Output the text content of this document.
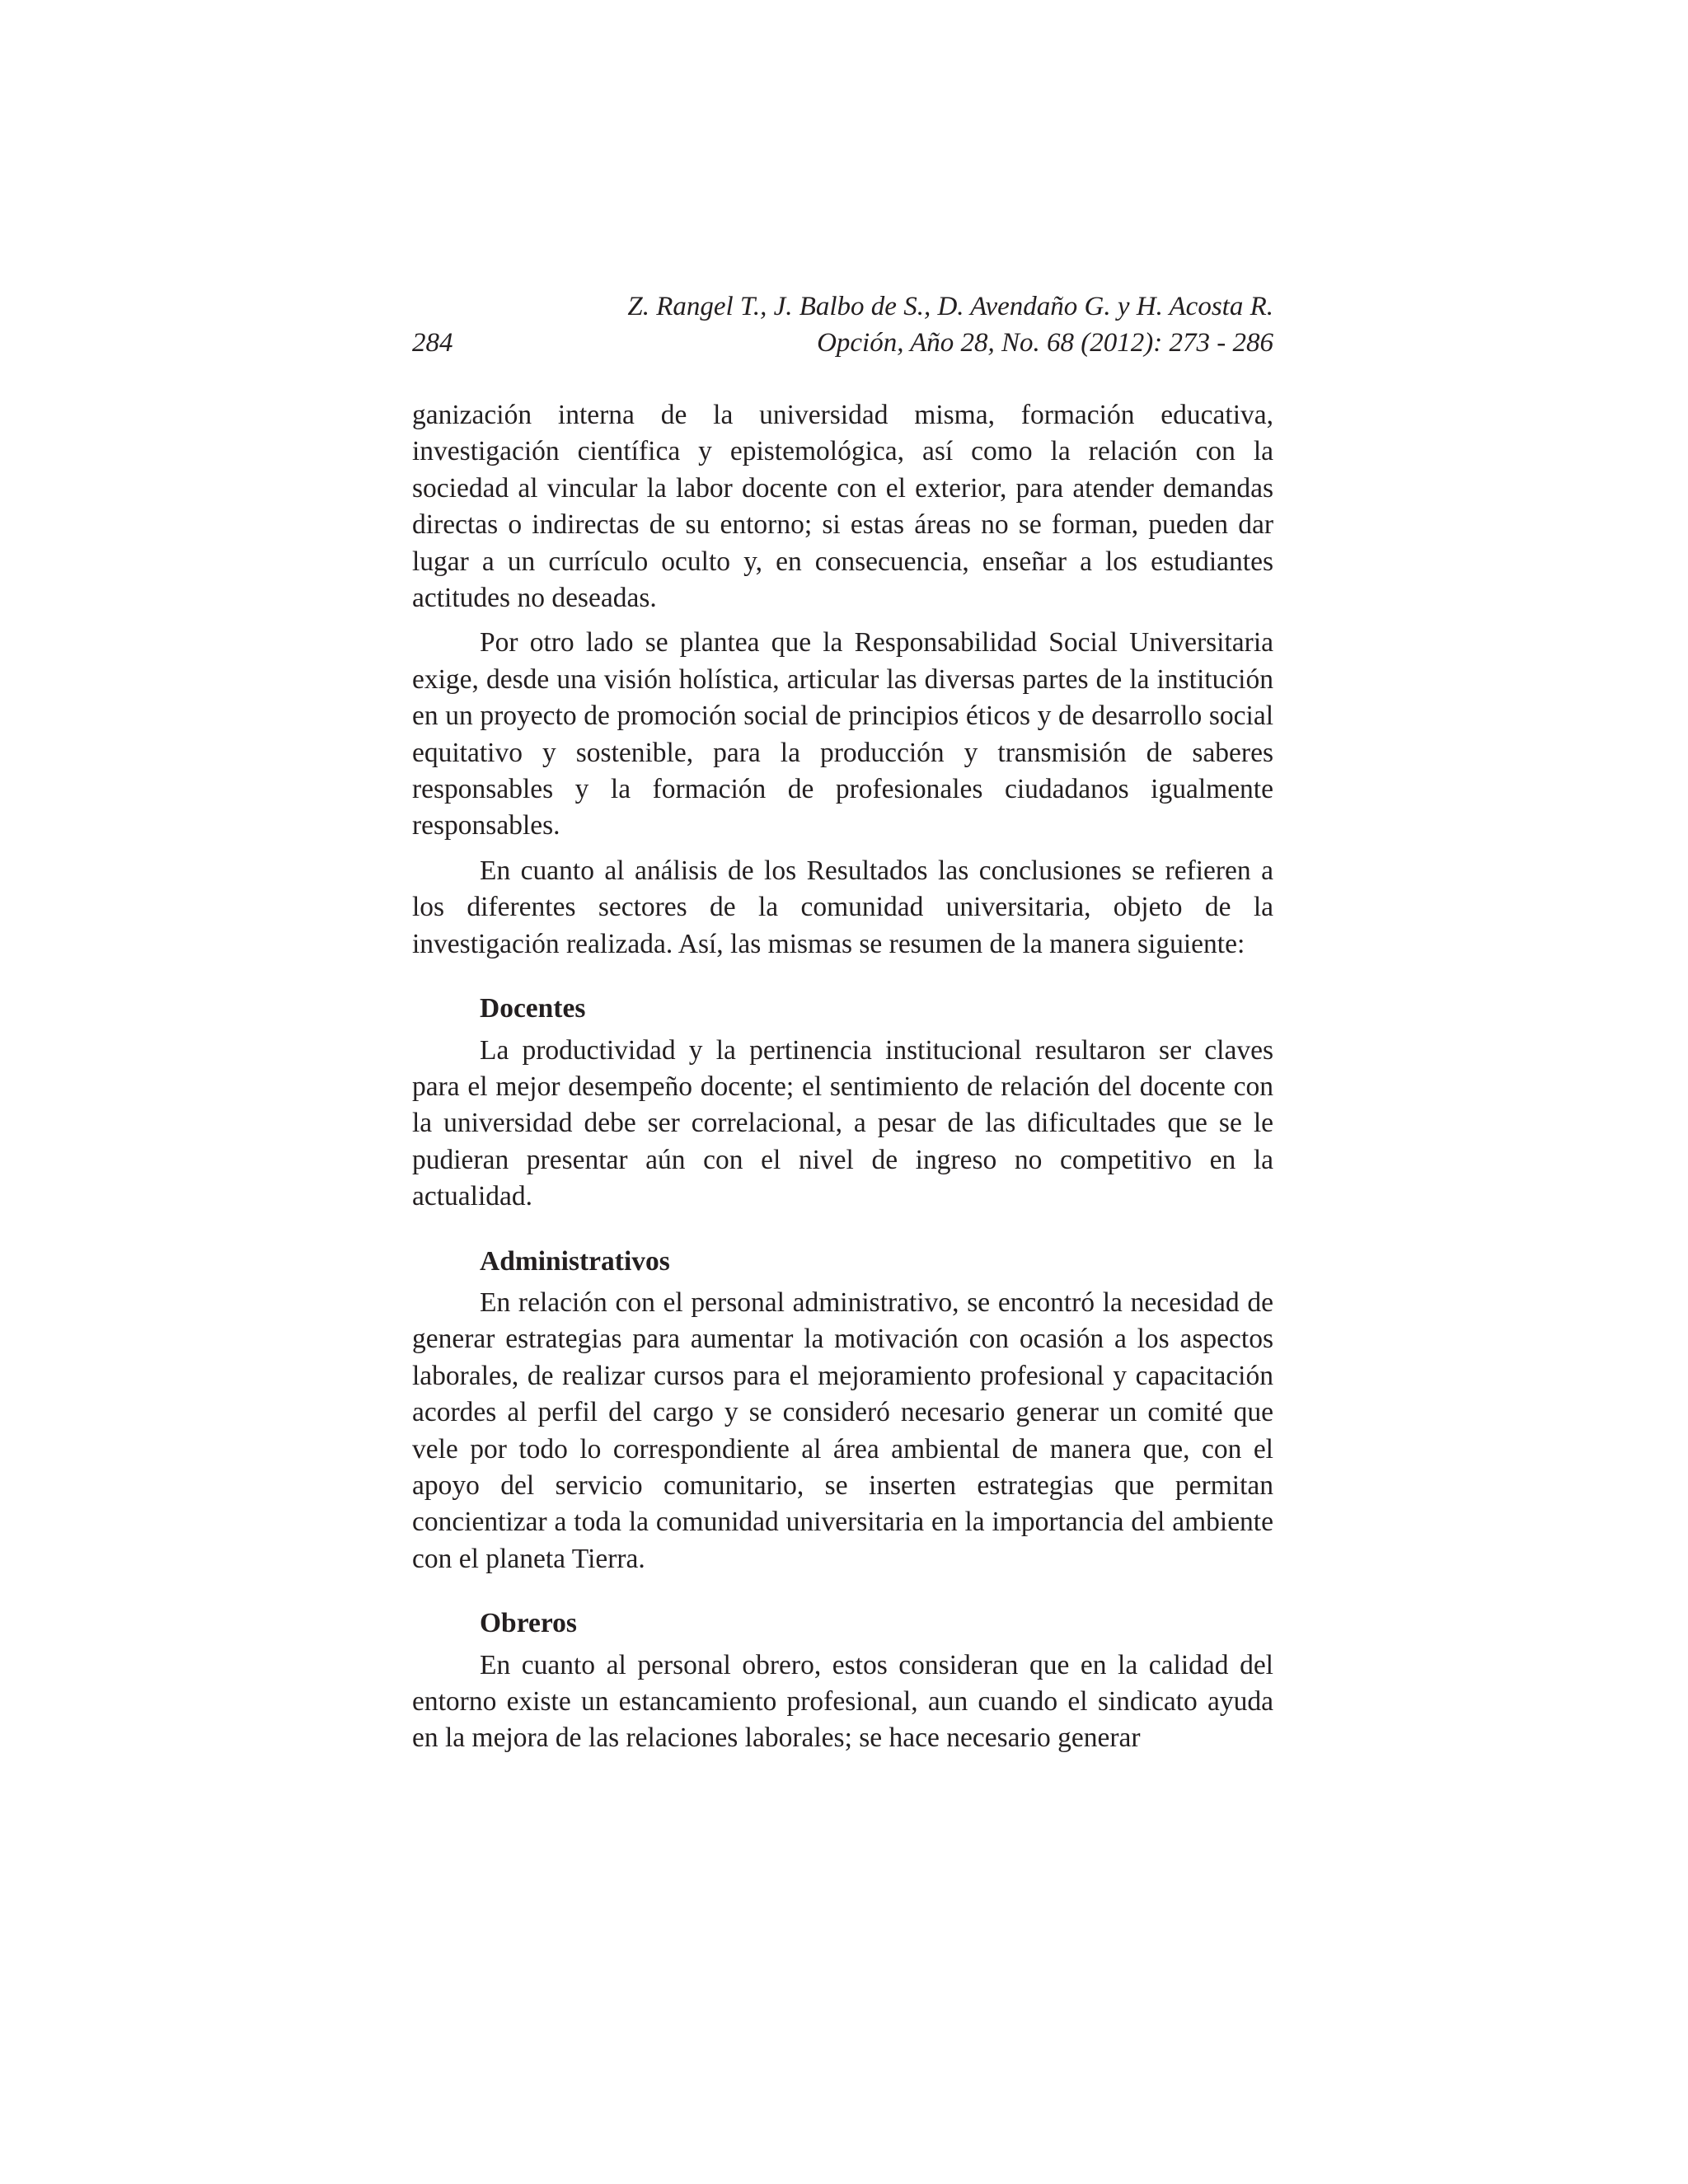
Z. Rangel T., J. Balbo de S., D. Avendaño G. y H. Acosta R.
284	Opción, Año 28, No. 68 (2012): 273 - 286

ganización interna de la universidad misma, formación educativa, investigación científica y epistemológica, así como la relación con la sociedad al vincular la labor docente con el exterior, para atender demandas directas o indirectas de su entorno; si estas áreas no se forman, pueden dar lugar a un currículo oculto y, en consecuencia, enseñar a los estudiantes actitudes no deseadas.

Por otro lado se plantea que la Responsabilidad Social Universitaria exige, desde una visión holística, articular las diversas partes de la institución en un proyecto de promoción social de principios éticos y de desarrollo social equitativo y sostenible, para la producción y transmisión de saberes responsables y la formación de profesionales ciudadanos igualmente responsables.

En cuanto al análisis de los Resultados las conclusiones se refieren a los diferentes sectores de la comunidad universitaria, objeto de la investigación realizada. Así, las mismas se resumen de la manera siguiente:

Docentes

La productividad y la pertinencia institucional resultaron ser claves para el mejor desempeño docente; el sentimiento de relación del docente con la universidad debe ser correlacional, a pesar de las dificultades que se le pudieran presentar aún con el nivel de ingreso no competitivo en la actualidad.

Administrativos

En relación con el personal administrativo, se encontró la necesidad de generar estrategias para aumentar la motivación con ocasión a los aspectos laborales, de realizar cursos para el mejoramiento profesional y capacitación acordes al perfil del cargo y se consideró necesario generar un comité que vele por todo lo correspondiente al área ambiental de manera que, con el apoyo del servicio comunitario, se inserten estrategias que permitan concientizar a toda la comunidad universitaria en la importancia del ambiente con el planeta Tierra.

Obreros

En cuanto al personal obrero, estos consideran que en la calidad del entorno existe un estancamiento profesional, aun cuando el sindicato ayuda en la mejora de las relaciones laborales; se hace necesario generar
